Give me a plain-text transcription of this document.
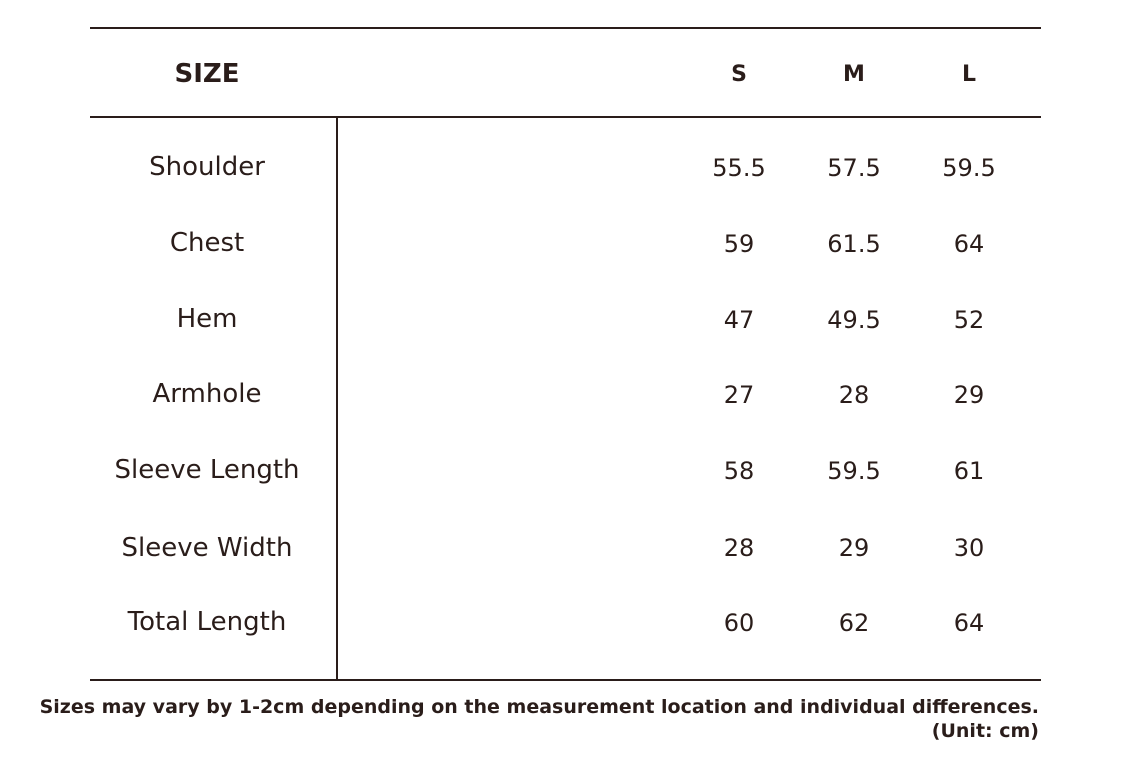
SIZE	S	M	L
Shoulder	55.5	57.5	59.5
Chest	59	61.5	64
Hem	47	49.5	52
Armhole	27	28	29
Sleeve Length	58	59.5	61
Sleeve Width	28	29	30
Total Length	60	62	64
Sizes may vary by 1-2cm depending on the measurement location and individual differences.
(Unit: cm)
